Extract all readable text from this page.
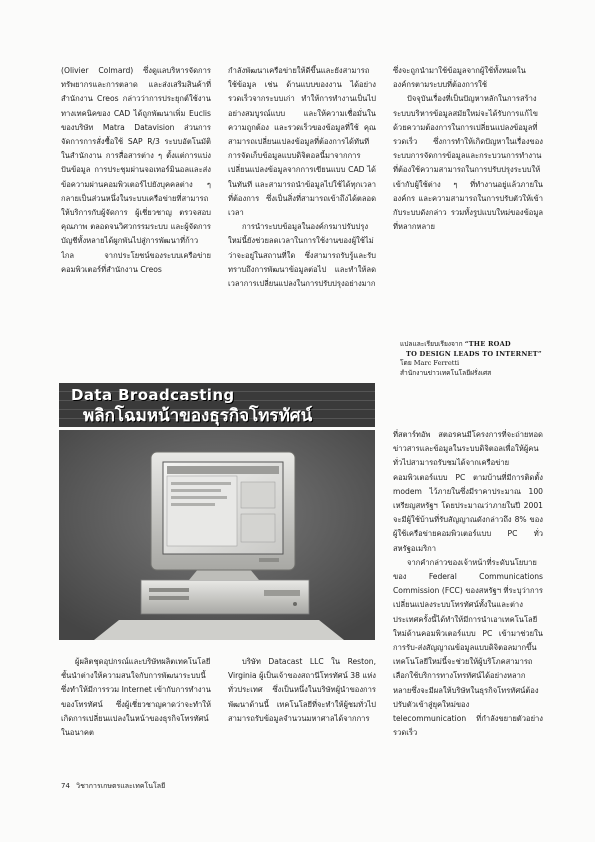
(Olivier Colmard) ซึ่งดูแลบริหารจัดการทรัพยากรและการตลาด และส่งเสริมสินค้าที่สำนักงาน Creos กล่าวว่าการประยุกต์ใช้งานทางเทคนิคของ CAD ได้ถูกพัฒนาเพิ่ม Euclis ของบริษัท Matra Datavision ส่วนการจัดการการสั่งซื้อใช้ SAP R/3 ระบบอัตโนมัติในสำนักงาน การสื่อสารต่าง ๆ ตั้งแต่การแบ่งปันข้อมูล การประชุมผ่านจอเทอร์มินอลและส่งข้อความผ่านคอมพิวเตอร์ไปยังบุคคลต่าง ๆ กลายเป็นส่วนหนึ่งในระบบเครือข่ายที่สามารถให้บริการกับผู้จัดการ ผู้เชี่ยวชาญ ตรวจสอบคุณภาพ ตลอดจนวิศวกรรมระบบ และผู้จัดการบัญชีทั้งหลายได้ผูกพันไปสู่การพัฒนาที่ก้าวไกล จากประโยชน์ของระบบเครือข่ายคอมพิวเตอร์ที่สำนักงาน Creos

กำลังพัฒนาเครือข่ายให้ดีขึ้นและยังสามารถใช้ข้อมูล เช่น ด้านแบบของงาน ได้อย่างรวดเร็วจากระบบเก่า ทำให้การทำงานเป็นไปอย่างสมบูรณ์แบบ และให้ความเชื่อมั่นในความถูกต้อง และรวดเร็วของข้อมูลที่ใช้ คุณสามารถเปลี่ยนแปลงข้อมูลที่ต้องการได้ทันที การจัดเก็บข้อมูลแบบดิจิตอลนี้มาจากการเปลี่ยนแปลงข้อมูลจากการเขียนแบบ CAD ได้ในทันที และสามารถนำข้อมูลไปใช้ได้ทุกเวลาที่ต้องการ ซึ่งเป็นสิ่งที่สามารถเข้าถึงได้ตลอดเวลา

การนำระบบข้อมูลในองค์กรมาปรับปรุงใหม่นี้ยังช่วยลดเวลาในการใช้งานของผู้ใช้ไม่ว่าจะอยู่ในสถานที่ใด ซึ่งสามารถรับรู้และรับทราบถึงการพัฒนาข้อมูลต่อไป และทำให้ลดเวลาการเปลี่ยนแปลงในการปรับปรุงอย่างมาก

ซึ่งจะถูกนำมาใช้ข้อมูลจากผู้ใช้ทั้งหมดในองค์กรตามระบบที่ต้องการใช้

ปัจจุบันเรื่องที่เป็นปัญหาหลักในการสร้างระบบบริหารข้อมูลสมัยใหม่จะได้รับการแก้ไขด้วยความต้องการในการเปลี่ยนแปลงข้อมูลที่รวดเร็ว ซึ่งการทำให้เกิดปัญหาในเรื่องของระบบการจัดการข้อมูลและกระบวนการทำงานที่ต้องใช้ความสามารถในการปรับปรุงระบบให้เข้ากับผู้ใช้ต่าง ๆ ที่ทำงานอยู่แล้วภายในองค์กร และความสามารถในการปรับตัวให้เข้ากับระบบดังกล่าว รวมทั้งรูปแบบใหม่ของข้อมูลที่หลากหลาย

แปลและเรียบเรียงจาก “THE ROAD
TO DESIGN LEADS TO INTERNET”
โดย Marc Ferretti
สำนักงานข่าวเทคโนโลยีฝรั่งเศส
Data Broadcasting
พลิกโฉมหน้าของธุรกิจโทรทัศน์

ที่สตาร์ทอัพ สตอรคนมีโครงการที่จะถ่ายทอดข่าวสารและข้อมูลในระบบดิจิตอลเพื่อให้ผู้คนทั่วไปสามารถรับชมได้จากเครือข่ายคอมพิวเตอร์แบบ PC ตามบ้านที่มีการติดตั้ง modem ไว้ภายในซึ่งมีราคาประมาณ 100 เหรียญสหรัฐฯ โดยประมาณว่าภายในปี 2001 จะมีผู้ใช้บ้านที่รับสัญญาณดังกล่าวถึง 8% ของผู้ใช้เครือข่ายคอมพิวเตอร์แบบ PC ทั่วสหรัฐอเมริกา

จากคำกล่าวของเจ้าหน้าที่ระดับนโยบายของ Federal Communications Commission (FCC) ของสหรัฐฯ ที่ระบุว่าการเปลี่ยนแปลงระบบโทรทัศน์ทั้งในและต่างประเทศครั้งนี้ได้ทำให้มีการนำเอาเทคโนโลยีใหม่ด้านคอมพิวเตอร์แบบ PC เข้ามาช่วยในการรับ-ส่งสัญญาณข้อมูลแบบดิจิตอลมากขึ้น เทคโนโลยีใหม่นี้จะช่วยให้ผู้บริโภคสามารถเลือกใช้บริการทางโทรทัศน์ได้อย่างหลากหลายซึ่งจะมีผลให้บริษัทในธุรกิจโทรทัศน์ต้องปรับตัวเข้าสู่ยุคใหม่ของ telecommunication ที่กำลังขยายตัวอย่างรวดเร็ว

ผู้ผลิตชุดอุปกรณ์และบริษัทผลิตเทคโนโลยีชั้นนำต่างให้ความสนใจกับการพัฒนาระบบนี้ ซึ่งทำให้มีการรวม Internet เข้ากับการทำงานของโทรทัศน์ ซึ่งผู้เชี่ยวชาญคาดว่าจะทำให้เกิดการเปลี่ยนแปลงในหน้าของธุรกิจโทรทัศน์ในอนาคต

บริษัท Datacast LLC ใน Reston, Virginia ผู้เป็นเจ้าของสถานีโทรทัศน์ 38 แห่งทั่วประเทศ ซึ่งเป็นหนึ่งในบริษัทผู้นำของการพัฒนาด้านนี้ เทคโนโลยีที่จะทำให้ผู้ชมทั่วไปสามารถรับข้อมูลจำนวนมหาศาลได้จากการ

74 วิชาการเกษตรและเทคโนโลยี
